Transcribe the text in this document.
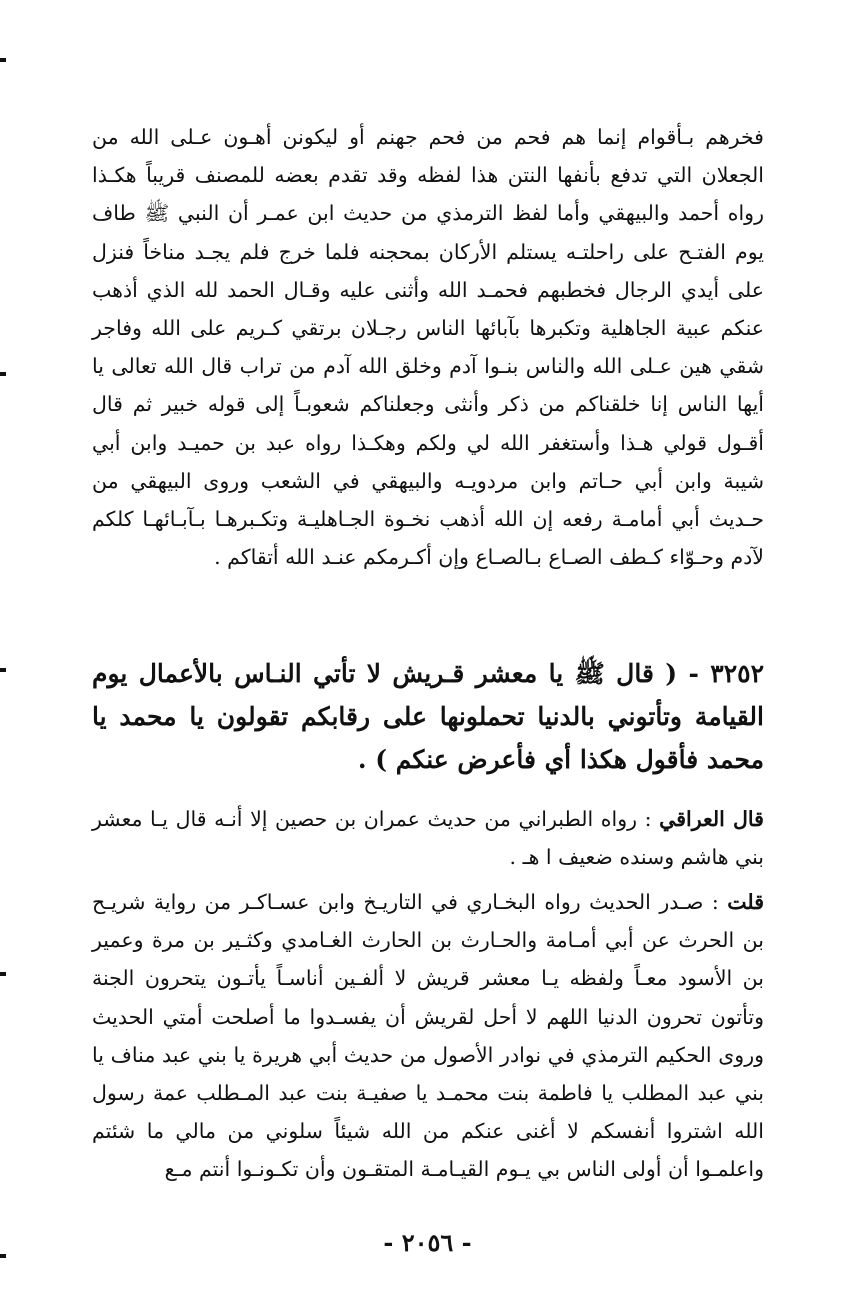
فخرهم بـأقوام إنما هم فحم من فحم جهنم أو ليكونن أهـون عـلى الله من الجعلان التي تدفع بأنفها النتن هذا لفظه وقد تقدم بعضه للمصنف قريباً هكـذا رواه أحمد والبيهقي وأما لفظ الترمذي من حديث ابن عمـر أن النبي ﷺ طاف يوم الفتـح على راحلتـه يستلم الأركان بمحجنه فلما خرج فلم يجـد مناخاً فنزل على أيدي الرجال فخطبهم فحمـد الله وأثنى عليه وقـال الحمد لله الذي أذهب عنكم عبية الجاهلية وتكبرها بآبائها الناس رجـلان برتقي كـريم على الله وفاجر شقي هين عـلى الله والناس بنـوا آدم وخلق الله آدم من تراب قال الله تعالى يا أيها الناس إنا خلقناكم من ذكر وأنثى وجعلناكم شعوبـاً إلى قوله خبير ثم قال أقـول قولي هـذا وأستغفر الله لي ولكم وهكـذا رواه عبد بن حميـد وابن أبي شيبة وابن أبي حـاتم وابن مردويـه والبيهقي في الشعب وروى البيهقي من حـديث أبي أمامـة رفعه إن الله أذهب نخـوة الجـاهليـة وتكـبرهـا بـآبـائهـا كلكم لآدم وحـوّاء كـطف الصـاع بـالصـاع وإن أكـرمكم عنـد الله أتقاكم .
٣٢٥٢ - ( قال ﷺ يا معشر قـريش لا تأتي النـاس بالأعمال يوم القيامة وتأتوني بالدنيا تحملونها على رقابكم تقولون يا محمد يا محمد فأقول هكذا أي فأعرض عنكم ) .
قال العراقي : رواه الطبراني من حديث عمران بن حصين إلا أنـه قال يـا معشر بني هاشم وسنده ضعيف ا هـ .
قلت : صـدر الحديث رواه البخـاري في التاريـخ وابن عسـاكـر من رواية شريـح بن الحرث عن أبي أمـامة والحـارث بن الحارث الغـامدي وكثـير بن مرة وعمير بن الأسود معـاً ولفظه يـا معشر قريش لا ألفـين أناسـاً يأتـون يتحرون الجنة وتأتون تحرون الدنيا اللهم لا أحل لقريش أن يفسـدوا ما أصلحت أمتي الحديث وروى الحكيم الترمذي في نوادر الأصول من حديث أبي هريرة يا بني عبد مناف يا بني عبد المطلب يا فاطمة بنت محمـد يا صفيـة بنت عبد المـطلب عمة رسول الله اشتروا أنفسكم لا أغنى عنكم من الله شيئاً سلوني من مالي ما شئتم واعلمـوا أن أولى الناس بي يـوم القيـامـة المتقـون وأن تكـونـوا أنتم مـع
- ٢٠٥٦ -
